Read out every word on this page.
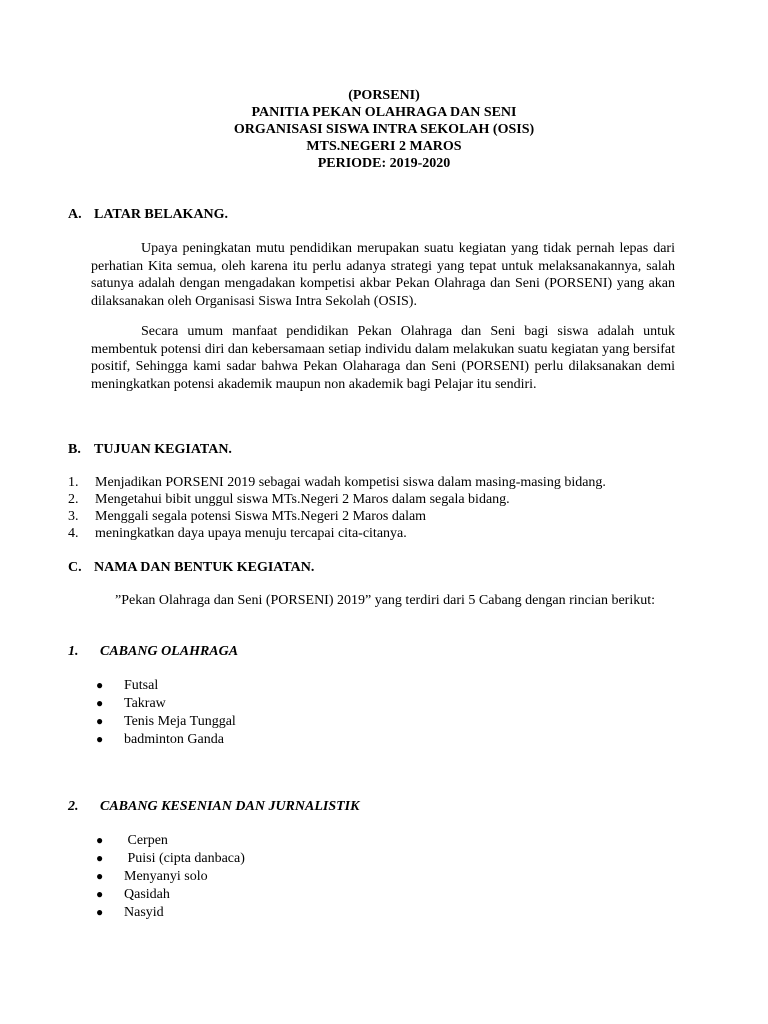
(PORSENI)
PANITIA PEKAN OLAHRAGA DAN SENI
ORGANISASI SISWA INTRA SEKOLAH (OSIS)
MTS.NEGERI 2 MAROS
PERIODE: 2019-2020
A. LATAR BELAKANG.
Upaya peningkatan mutu pendidikan merupakan suatu kegiatan yang tidak pernah lepas dari perhatian Kita semua, oleh karena itu perlu adanya strategi yang tepat untuk melaksanakannya, salah satunya adalah dengan mengadakan kompetisi akbar Pekan Olahraga dan Seni (PORSENI) yang akan dilaksanakan oleh Organisasi Siswa Intra Sekolah (OSIS).
Secara umum manfaat pendidikan Pekan Olahraga dan Seni bagi siswa adalah untuk membentuk potensi diri dan kebersamaan setiap individu dalam melakukan suatu kegiatan yang bersifat positif, Sehingga kami sadar bahwa Pekan Olaharaga dan Seni (PORSENI) perlu dilaksanakan demi meningkatkan potensi akademik maupun non akademik bagi Pelajar itu sendiri.
B. TUJUAN KEGIATAN.
1. Menjadikan PORSENI 2019 sebagai wadah kompetisi siswa dalam masing-masing bidang.
2. Mengetahui bibit unggul siswa MTs.Negeri 2 Maros dalam segala bidang.
3. Menggali segala potensi Siswa MTs.Negeri 2 Maros dalam
4. meningkatkan daya upaya menuju tercapai cita-citanya.
C. NAMA DAN BENTUK KEGIATAN.
”Pekan Olahraga dan Seni (PORSENI) 2019” yang terdiri dari 5 Cabang dengan rincian berikut:
1. CABANG OLAHRAGA
● Futsal
● Takraw
● Tenis Meja Tunggal
● badminton Ganda
2. CABANG KESENIAN DAN JURNALISTIK
● Cerpen
● Puisi (cipta danbaca)
● Menyanyi solo
● Qasidah
● Nasyid
